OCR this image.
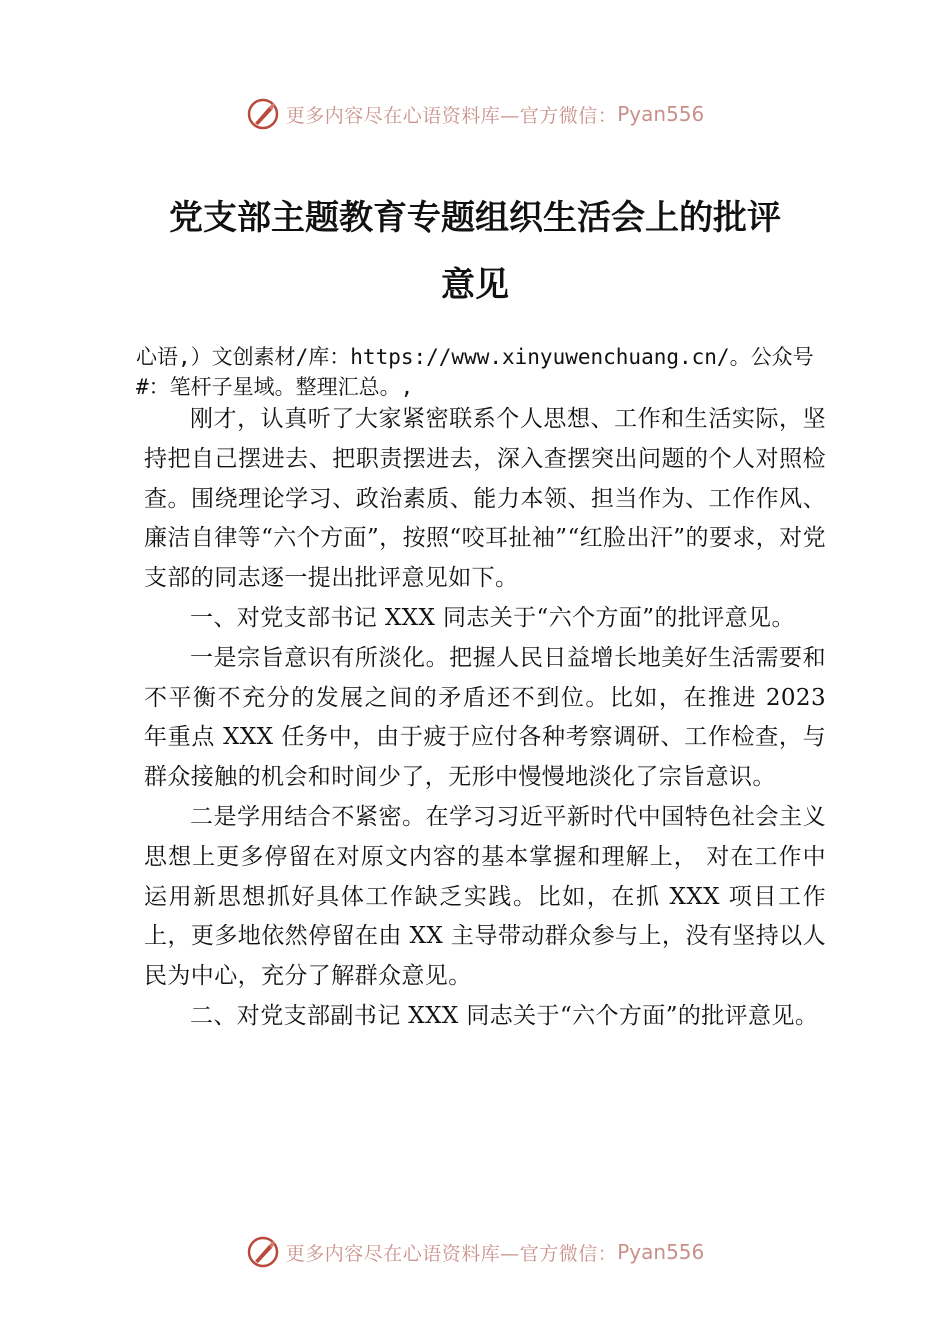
更多内容尽在心语资料库—官方微信： Pyan556
党支部主题教育专题组织生活会上的批评
意见

心语,）文创素材/库：https://www.xinyuwenchuang.cn/。公众号#：笔杆子星域。整理汇总。,

刚才，认真听了大家紧密联系个人思想、工作和生活实际，坚持把自己摆进去、把职责摆进去，深入查摆突出问题的个人对照检查。围绕理论学习、政治素质、能力本领、担当作为、工作作风、廉洁自律等“六个方面”，按照“咬耳扯袖”“红脸出汗”的要求，对党支部的同志逐一提出批评意见如下。

一、对党支部书记 XXX 同志关于“六个方面”的批评意见。

一是宗旨意识有所淡化。把握人民日益增长地美好生活需要和不平衡不充分的发展之间的矛盾还不到位。比如，在推进 2023 年重点 XXX 任务中，由于疲于应付各种考察调研、工作检查，与群众接触的机会和时间少了，无形中慢慢地淡化了宗旨意识。

二是学用结合不紧密。在学习习近平新时代中国特色社会主义思想上更多停留在对原文内容的基本掌握和理解上， 对在工作中运用新思想抓好具体工作缺乏实践。比如，在抓 XXX 项目工作上，更多地依然停留在由 XX 主导带动群众参与上，没有坚持以人民为中心，充分了解群众意见。

二、对党支部副书记 XXX 同志关于“六个方面”的批评意见。

更多内容尽在心语资料库—官方微信： Pyan556
